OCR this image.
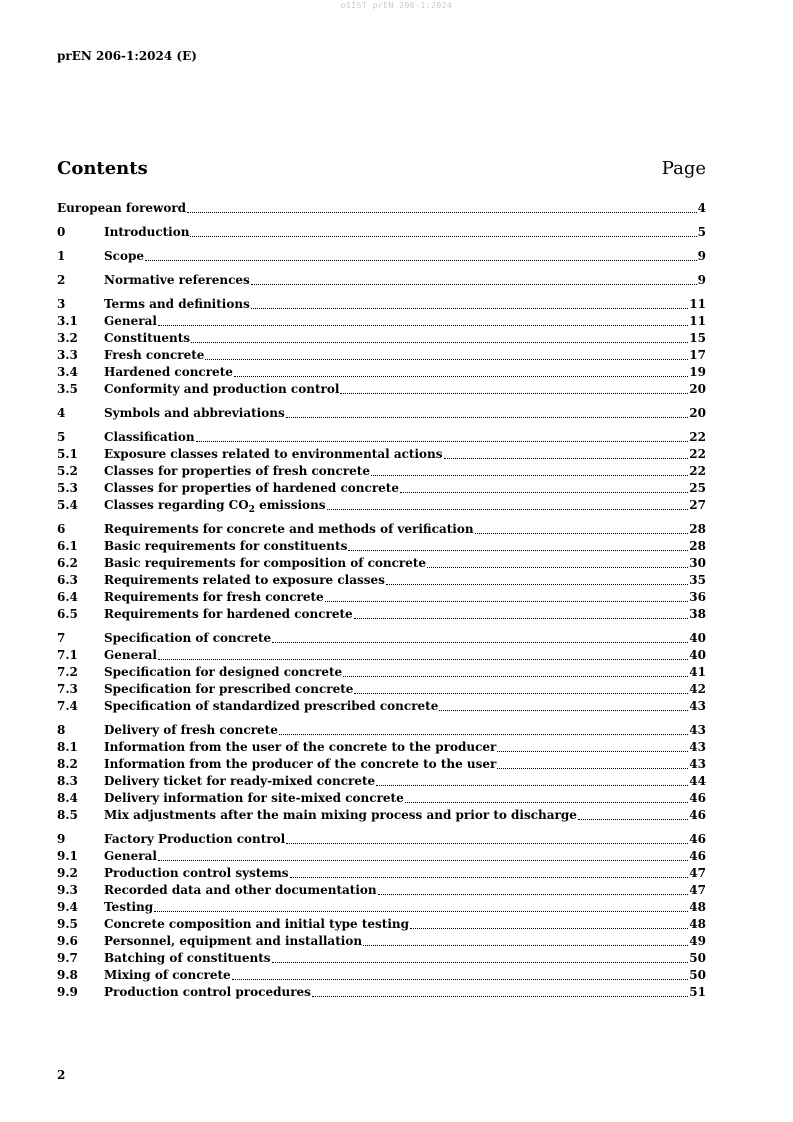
oSIST prEN 206-1:2024
prEN 206-1:2024 (E)
Contents	Page
European foreword	4
0	Introduction	5
1	Scope	9
2	Normative references	9
3	Terms and definitions	11
3.1	General	11
3.2	Constituents	15
3.3	Fresh concrete	17
3.4	Hardened concrete	19
3.5	Conformity and production control	20
4	Symbols and abbreviations	20
5	Classification	22
5.1	Exposure classes related to environmental actions	22
5.2	Classes for properties of fresh concrete	22
5.3	Classes for properties of hardened concrete	25
5.4	Classes regarding $CO_2$ emissions	27
6	Requirements for concrete and methods of verification	28
6.1	Basic requirements for constituents	28
6.2	Basic requirements for composition of concrete	30
6.3	Requirements related to exposure classes	35
6.4	Requirements for fresh concrete	36
6.5	Requirements for hardened concrete	38
7	Specification of concrete	40
7.1	General	40
7.2	Specification for designed concrete	41
7.3	Specification for prescribed concrete	42
7.4	Specification of standardized prescribed concrete	43
8	Delivery of fresh concrete	43
8.1	Information from the user of the concrete to the producer	43
8.2	Information from the producer of the concrete to the user	43
8.3	Delivery ticket for ready-mixed concrete	44
8.4	Delivery information for site-mixed concrete	46
8.5	Mix adjustments after the main mixing process and prior to discharge	46
9	Factory Production control	46
9.1	General	46
9.2	Production control systems	47
9.3	Recorded data and other documentation	47
9.4	Testing	48
9.5	Concrete composition and initial type testing	48
9.6	Personnel, equipment and installation	49
9.7	Batching of constituents	50
9.8	Mixing of concrete	50
9.9	Production control procedures	51
2
